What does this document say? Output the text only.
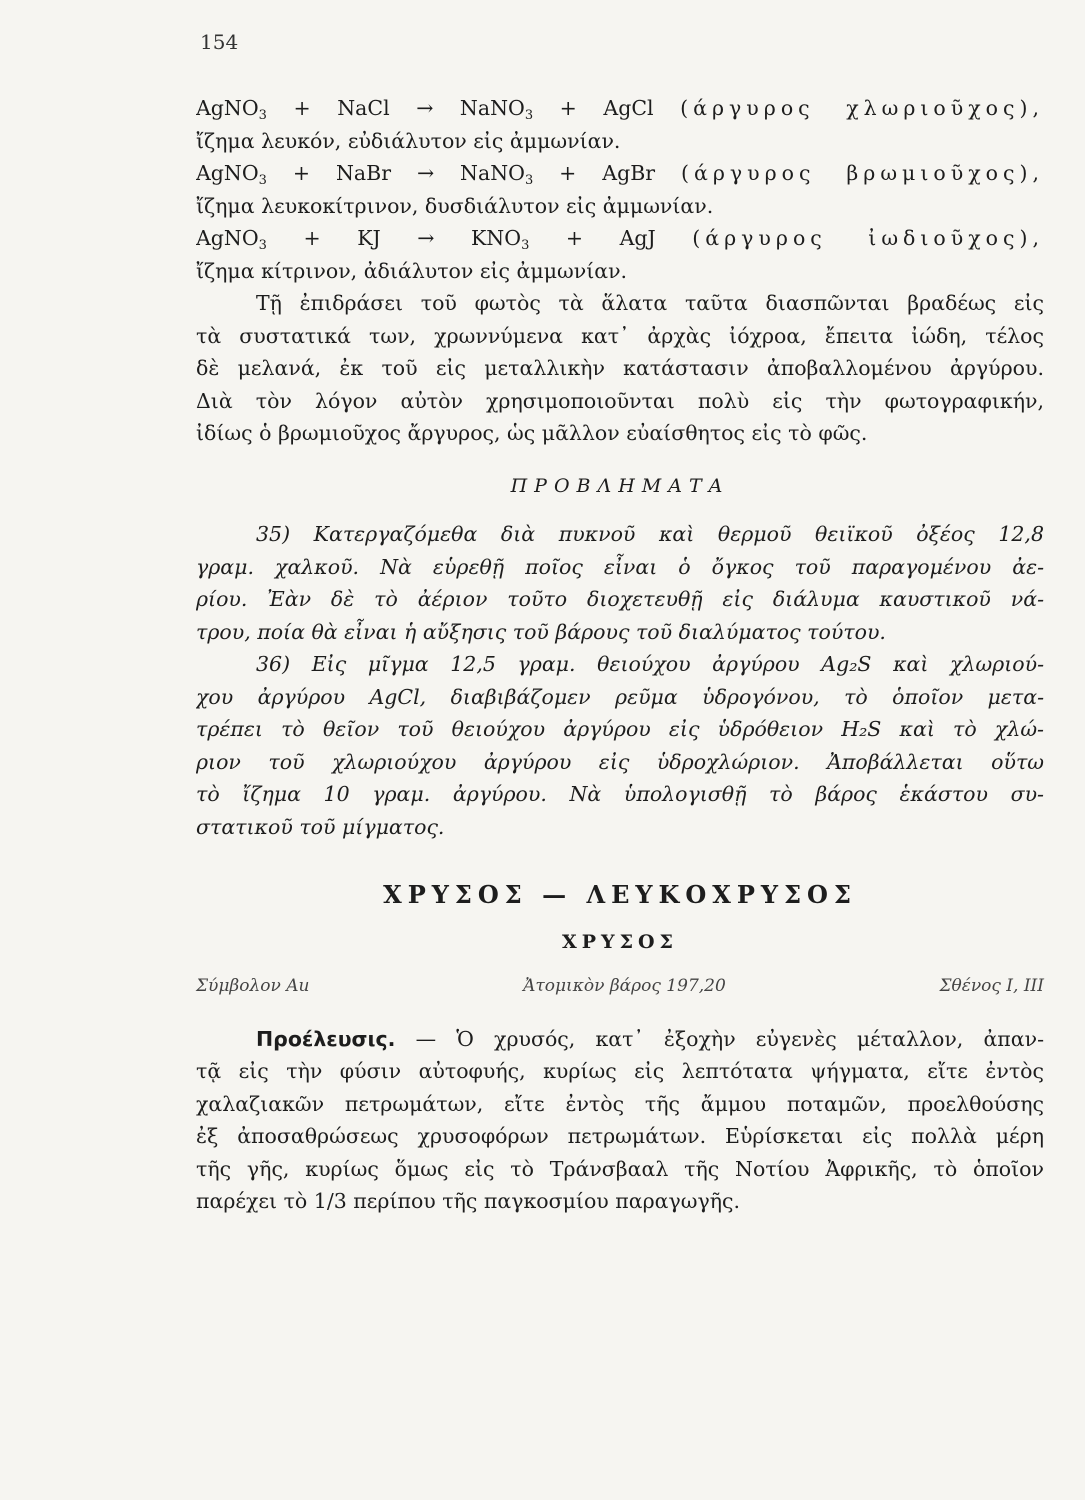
154
AgNO$_3$ + NaCl → NaNO$_3$ + AgCl (άργυρος χλωριοῦχος),
ἴζημα λευκόν, εὐδιάλυτον εἰς ἀμμωνίαν.
AgNO$_3$ + NaBr → NaNO$_3$ + AgBr (άργυρος βρωμιοῦχος),
ἴζημα λευκοκίτρινον, δυσδιάλυτον εἰς ἀμμωνίαν.
AgNO$_3$ + KJ → $KNO_3$ + AgJ (άργυρος ἰωδιοῦχος),
ἴζημα κίτρινον, ἀδιάλυτον εἰς ἀμμωνίαν.
Τῇ ἐπιδράσει τοῦ φωτὸς τὰ ἅλατα ταῦτα διασπῶνται βραδέως εἰς
τὰ συστατικά των, χρωννύμενα κατ᾽ ἀρχὰς ἰόχροα, ἔπειτα ἰώδη, τέλος
δὲ μελανά, ἐκ τοῦ εἰς μεταλλικὴν κατάστασιν ἀποβαλλομένου ἀργύρου.
Διὰ τὸν λόγον αὐτὸν χρησιμοποιοῦνται πολὺ εἰς τὴν φωτογραφικήν,
ἰδίως ὁ βρωμιοῦχος ἄργυρος, ὡς μᾶλλον εὐαίσθητος εἰς τὸ φῶς.
ΠΡΟΒΛΗΜΑΤΑ
35) Κατεργαζόμεθα διὰ πυκνοῦ καὶ θερμοῦ θειϊκοῦ ὀξέος 12,8
γραμ. χαλκοῦ. Νὰ εὑρεθῇ ποῖος εἶναι ὁ ὄγκος τοῦ παραγομένου ἀε-
ρίου. Ἐὰν δὲ τὸ ἀέριον τοῦτο διοχετευθῇ εἰς διάλυμα καυστικοῦ νά-
τρου, ποία θὰ εἶναι ἡ αὔξησις τοῦ βάρους τοῦ διαλύματος τούτου.
36) Εἰς μῖγμα 12,5 γραμ. θειούχου ἀργύρου Ag₂S καὶ χλωριού-
χου ἀργύρου AgCl, διαβιβάζομεν ρεῦμα ὑδρογόνου, τὸ ὁποῖον μετα-
τρέπει τὸ θεῖον τοῦ θειούχου ἀργύρου εἰς ὑδρόθειον H₂S καὶ τὸ χλώ-
ριον τοῦ χλωριούχου ἀργύρου εἰς ὑδροχλώριον. Ἀποβάλλεται οὕτω
τὸ ἴζημα 10 γραμ. ἀργύρου. Νὰ ὑπολογισθῇ τὸ βάρος ἑκάστου συ-
στατικοῦ τοῦ μίγματος.
ΧΡΥΣΟΣ — ΛΕΥΚΟΧΡΥΣΟΣ
ΧΡΥΣΟΣ
Σύμβολον Au	Ἀτομικὸν βάρος 197,20	Σθένος I, III
Προέλευσις. — Ὁ χρυσός, κατ᾽ ἐξοχὴν εὐγενὲς μέταλλον, ἀπαν-
τᾷ εἰς τὴν φύσιν αὐτοφυής, κυρίως εἰς λεπτότατα ψήγματα, εἴτε ἐντὸς
χαλαζιακῶν πετρωμάτων, εἴτε ἐντὸς τῆς ἄμμου ποταμῶν, προελθούσης
ἐξ ἀποσαθρώσεως χρυσοφόρων πετρωμάτων. Εὑρίσκεται εἰς πολλὰ μέρη
τῆς γῆς, κυρίως ὅμως εἰς τὸ Τράνσβααλ τῆς Νοτίου Ἀφρικῆς, τὸ ὁποῖον
παρέχει τὸ 1/3 περίπου τῆς παγκοσμίου παραγωγῆς.
